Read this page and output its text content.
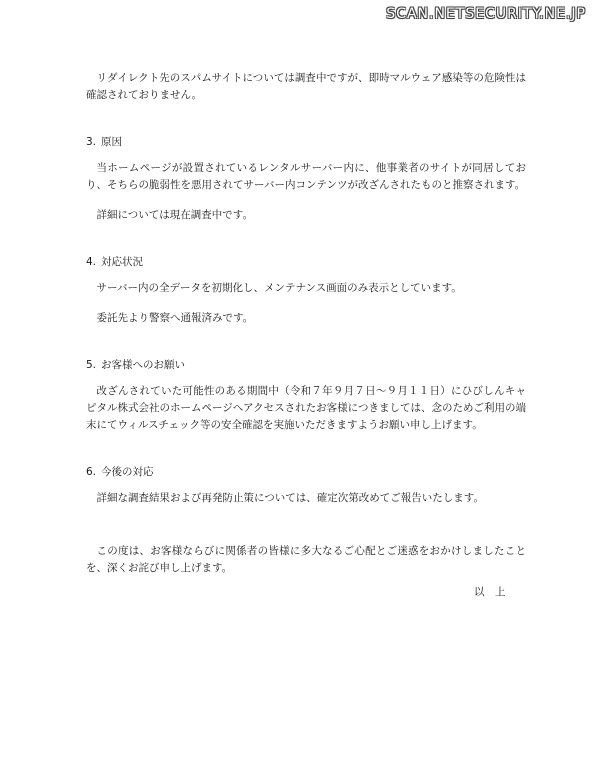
SCAN.NETSECURITY.NE.JP

リダイレクト先のスパムサイトについては調査中ですが、即時マルウェア感染等の危険性は確認されておりません。

3. 原因

当ホームページが設置されているレンタルサーバー内に、他事業者のサイトが同居しており、そちらの脆弱性を悪用されてサーバー内コンテンツが改ざんされたものと推察されます。

詳細については現在調査中です。

4. 対応状況

サーバー内の全データを初期化し、メンテナンス画面のみ表示としています。

委託先より警察へ通報済みです。

5. お客様へのお願い

改ざんされていた可能性のある期間中（令和７年９月７日～９月１１日）にひびしんキャピタル株式会社のホームページへアクセスされたお客様につきましては、念のためご利用の端末にてウィルスチェック等の安全確認を実施いただきますようお願い申し上げます。

6. 今後の対応

詳細な調査結果および再発防止策については、確定次第改めてご報告いたします。

この度は、お客様ならびに関係者の皆様に多大なるご心配とご迷惑をおかけしましたことを、深くお詫び申し上げます。

以上
